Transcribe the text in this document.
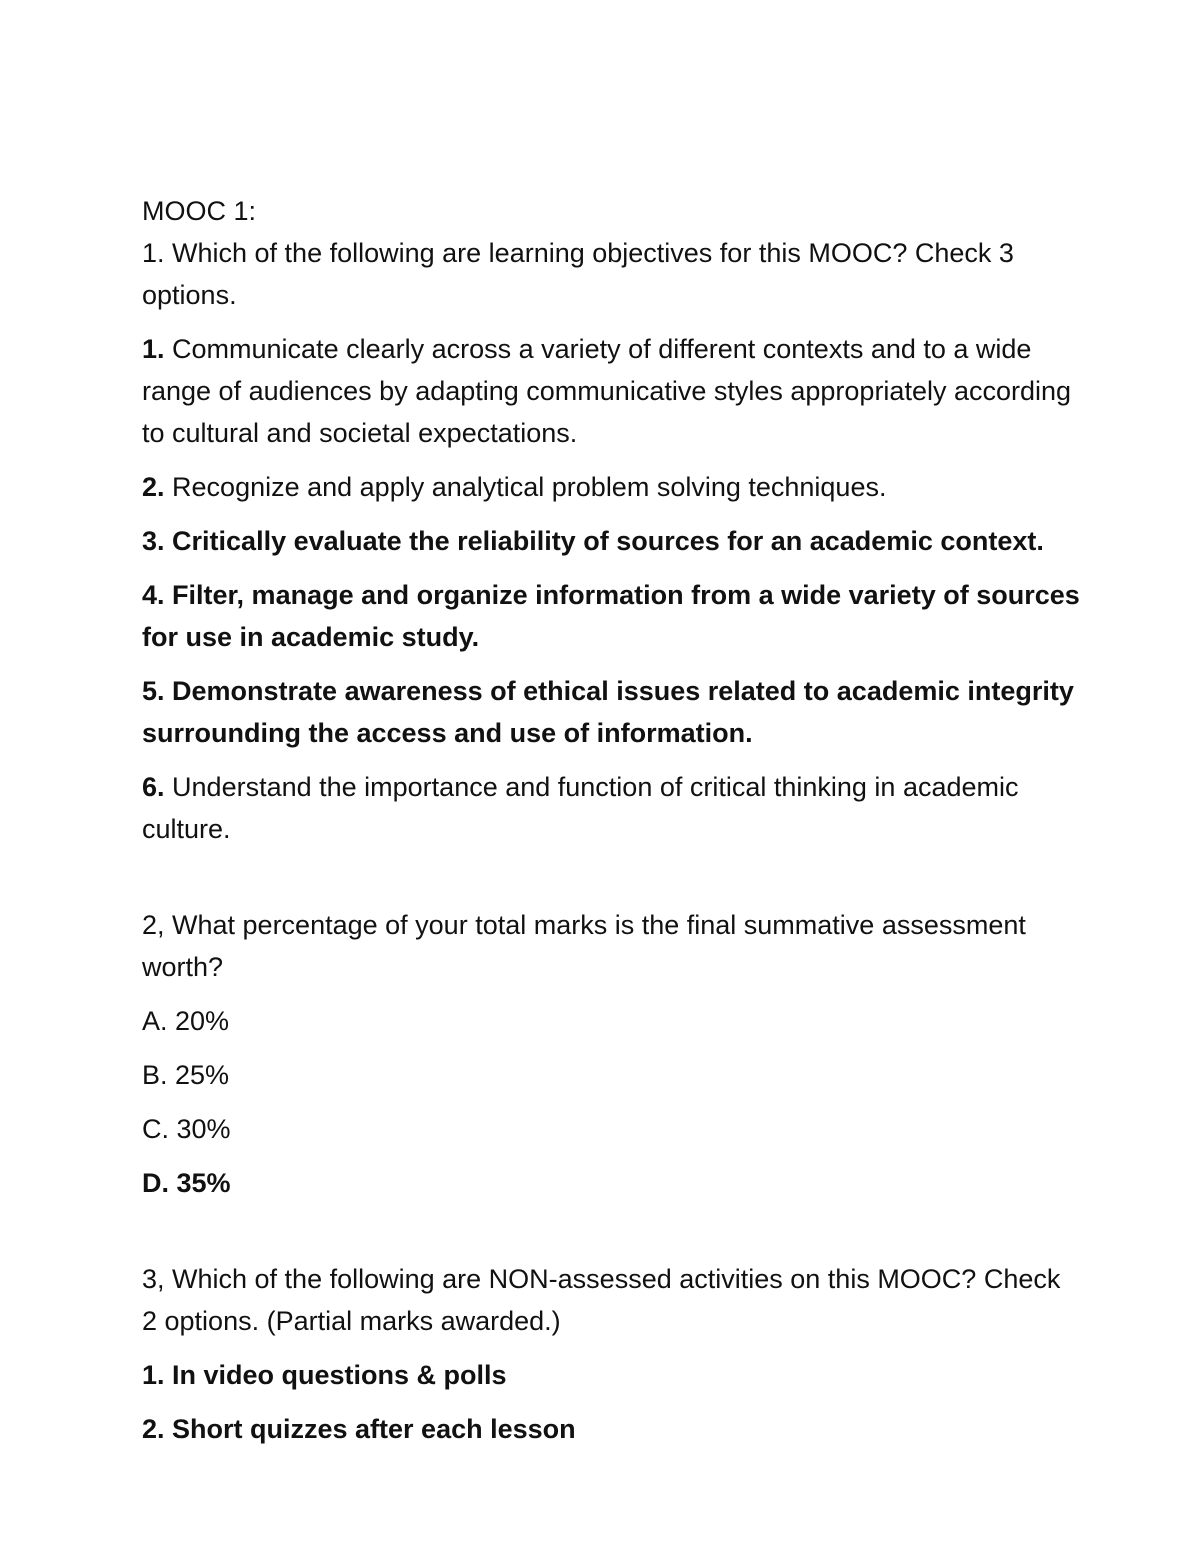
MOOC 1:

1. Which of the following are learning objectives for this MOOC? Check 3 options.

1. Communicate clearly across a variety of different contexts and to a wide range of audiences by adapting communicative styles appropriately according to cultural and societal expectations.

2. Recognize and apply analytical problem solving techniques.

3. Critically evaluate the reliability of sources for an academic context.

4. Filter, manage and organize information from a wide variety of sources for use in academic study.

5. Demonstrate awareness of ethical issues related to academic integrity surrounding the access and use of information.

6. Understand the importance and function of critical thinking in academic culture.

2, What percentage of your total marks is the final summative assessment worth?

A. 20%

B. 25%

C. 30%

D. 35%

3, Which of the following are NON-assessed activities on this MOOC? Check 2 options. (Partial marks awarded.)

1. In video questions & polls

2. Short quizzes after each lesson
